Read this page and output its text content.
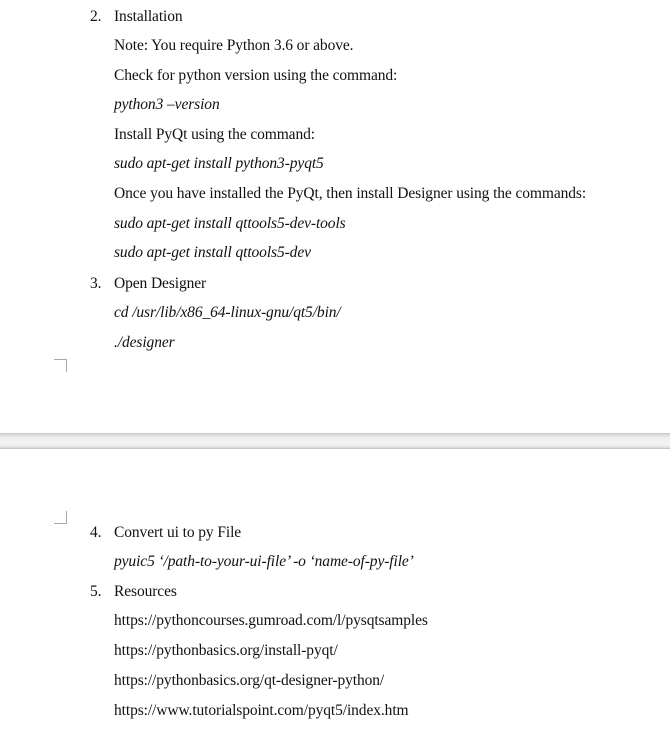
2. Installation
Note: You require Python 3.6 or above.
Check for python version using the command:
python3 –version
Install PyQt using the command:
sudo apt-get install python3-pyqt5
Once you have installed the PyQt, then install Designer using the commands:
sudo apt-get install qttools5-dev-tools
sudo apt-get install qttools5-dev
3. Open Designer
cd /usr/lib/x86_64-linux-gnu/qt5/bin/
./designer
4. Convert ui to py File
pyuic5 ‘/path-to-your-ui-file’ -o ‘name-of-py-file’
5. Resources
https://pythoncourses.gumroad.com/l/pysqtsamples
https://pythonbasics.org/install-pyqt/
https://pythonbasics.org/qt-designer-python/
https://www.tutorialspoint.com/pyqt5/index.htm
